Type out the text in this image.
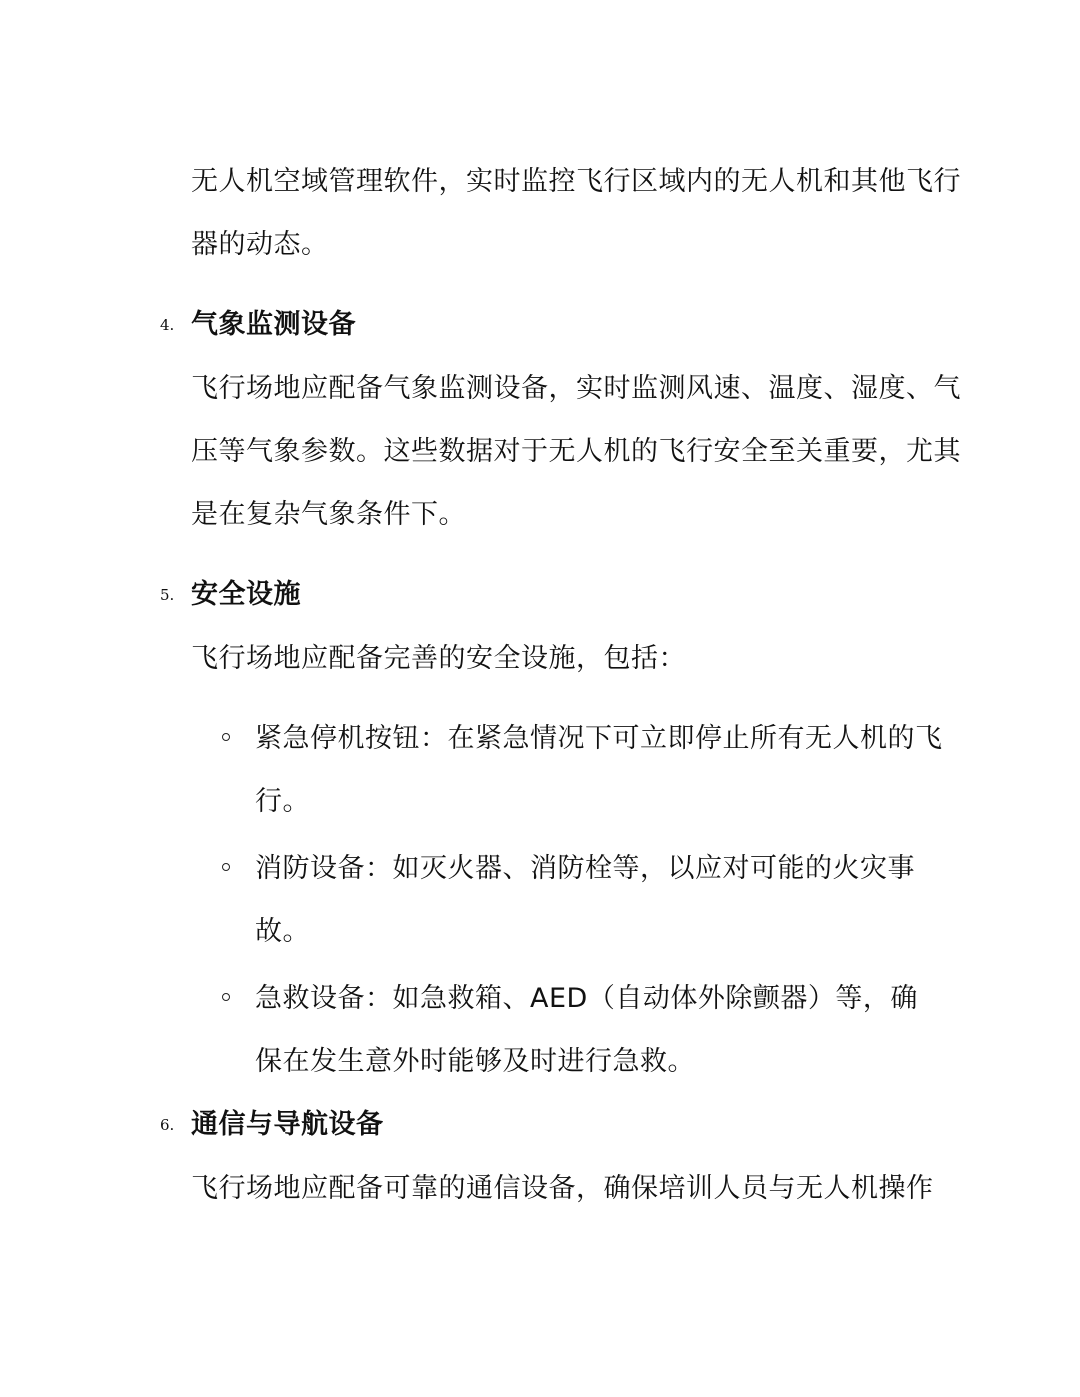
无人机空域管理软件，实时监控飞行区域内的无人机和其他飞行器的动态。

4. 气象监测设备

飞行场地应配备气象监测设备，实时监测风速、温度、湿度、气压等气象参数。这些数据对于无人机的飞行安全至关重要，尤其是在复杂气象条件下。

5. 安全设施

飞行场地应配备完善的安全设施，包括：

紧急停机按钮：在紧急情况下可立即停止所有无人机的飞行。

消防设备：如灭火器、消防栓等，以应对可能的火灾事故。

急救设备：如急救箱、AED（自动体外除颤器）等，确保在发生意外时能够及时进行急救。

6. 通信与导航设备

飞行场地应配备可靠的通信设备，确保培训人员与无人机操作
